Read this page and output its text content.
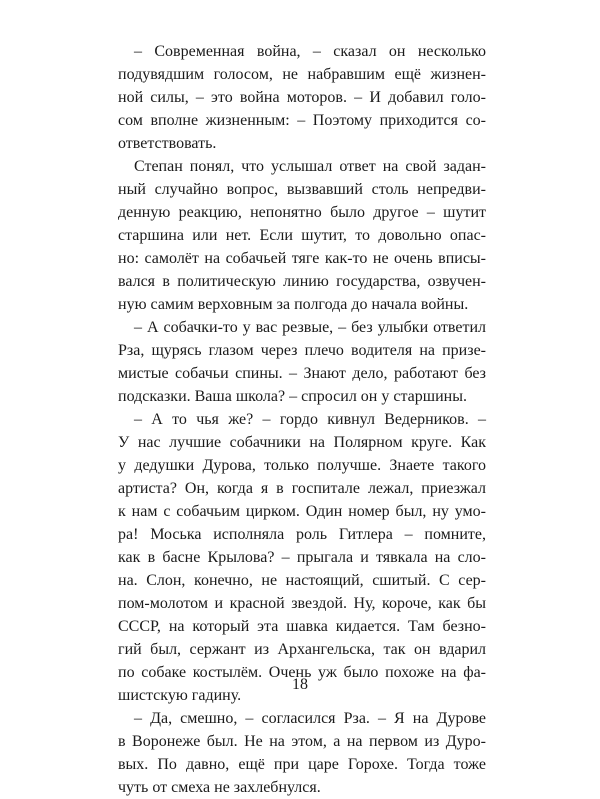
– Современная война, – сказал он несколько
подувядшим голосом, не набравшим ещё жизнен-
ной силы, – это война моторов. – И добавил голо-
сом вполне жизненным: – Поэтому приходится со-
ответствовать.
Степан понял, что услышал ответ на свой задан-
ный случайно вопрос, вызвавший столь непредви-
денную реакцию, непонятно было другое – шутит
старшина или нет. Если шутит, то довольно опас-
но: самолёт на собачьей тяге как-то не очень вписы-
вался в политическую линию государства, озвучен-
ную самим верховным за полгода до начала войны.
– А собачки-то у вас резвые, – без улыбки ответил
Рза, щурясь глазом через плечо водителя на призе-
мистые собачьи спины. – Знают дело, работают без
подсказки. Ваша школа? – спросил он у старшины.
– А то чья же? – гордо кивнул Ведерников. –
У нас лучшие собачники на Полярном круге. Как
у дедушки Дурова, только получше. Знаете такого
артиста? Он, когда я в госпитале лежал, приезжал
к нам с собачьим цирком. Один номер был, ну умо-
ра! Моська исполняла роль Гитлера – помните,
как в басне Крылова? – прыгала и тявкала на сло-
на. Слон, конечно, не настоящий, сшитый. С сер-
пом-молотом и красной звездой. Ну, короче, как бы
СССР, на который эта шавка кидается. Там безно-
гий был, сержант из Архангельска, так он вдарил
по собаке костылём. Очень уж было похоже на фа-
шистскую гадину.
– Да, смешно, – согласился Рза. – Я на Дурове
в Воронеже был. Не на этом, а на первом из Дуро-
вых. По давно, ещё при царе Горохе. Тогда тоже
чуть от смеха не захлебнулся.
18
